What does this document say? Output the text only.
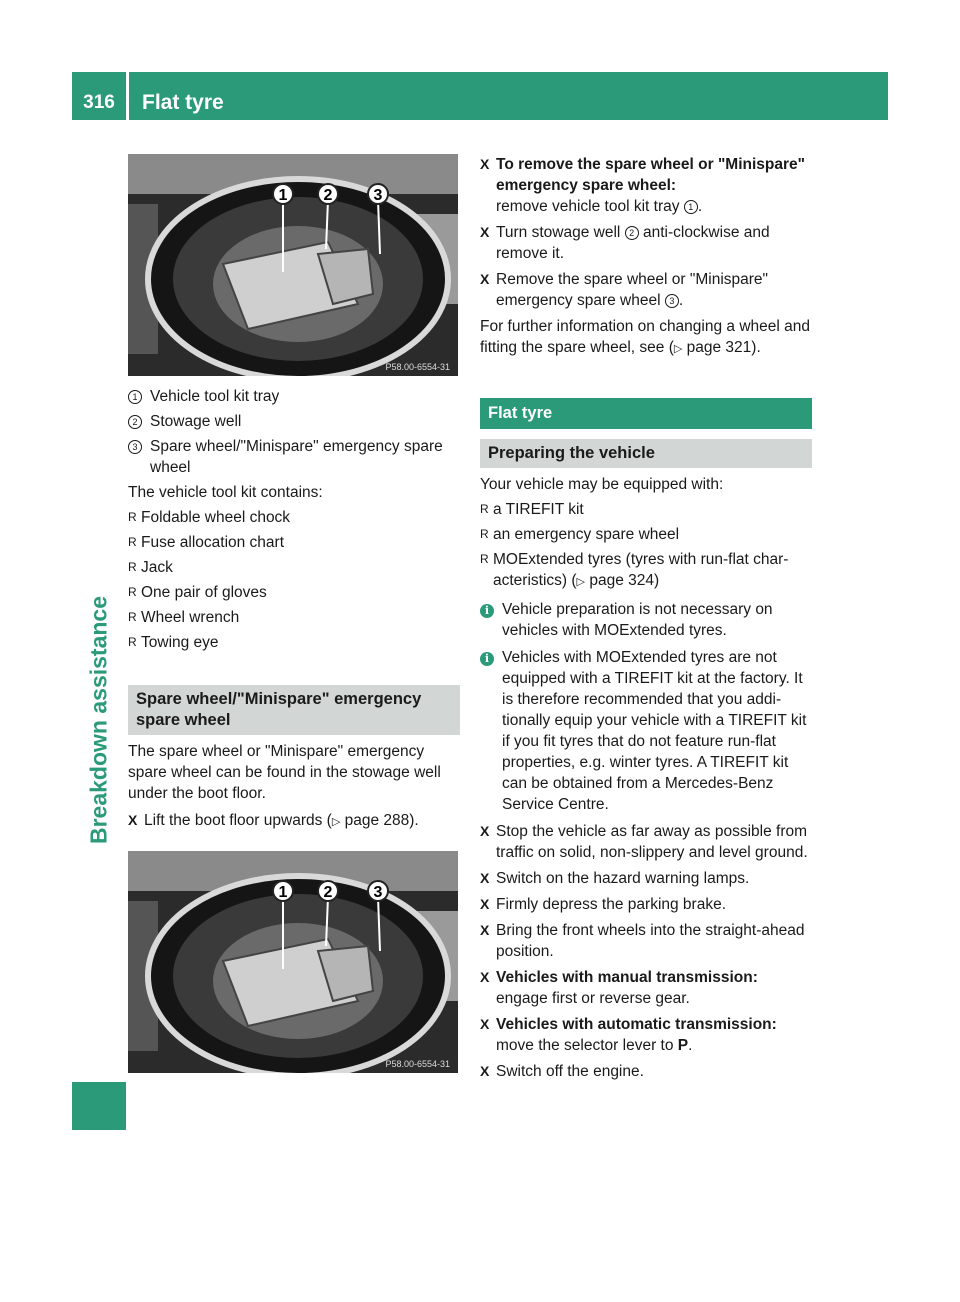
316	Flat tyre
Breakdown assistance
1 2	3
P58.00-6554-31
1 Vehicle tool kit tray
2 Stowage well
3 Spare wheel/"Minispare" emergency spare wheel

The vehicle tool kit contains:

R Foldable wheel chock
R Fuse allocation chart
R Jack
R One pair of gloves
R Wheel wrench
R Towing eye
Spare wheel/"Minispare" emergency spare wheel

The spare wheel or "Minispare" emergency spare wheel can be found in the stowage well under the boot floor.

X Lift the boot floor upwards (▷ page 288).
1 2	3
P58.00-6554-31
X To remove the spare wheel or "Minispare" emergency spare wheel:
remove vehicle tool kit tray 1 .
X Turn stowage well 2 anti-clockwise and remove it.
X Remove the spare wheel or "Minispare" emergency spare wheel 3 .

For further information on changing a wheel and fitting the spare wheel, see (▷ page 321).

Flat tyre
Preparing the vehicle

Your vehicle may be equipped with:

R a TIREFIT kit
R an emergency spare wheel
R MOExtended tyres (tyres with run-flat char-acteristics) (▷ page 324)
i Vehicle preparation is not necessary on vehicles with MOExtended tyres.
i Vehicles with MOExtended tyres are not equipped with a TIREFIT kit at the factory. It is therefore recommended that you addi-tionally equip your vehicle with a TIREFIT kit if you fit tyres that do not feature run-flat properties, e.g. winter tyres. A TIREFIT kit can be obtained from a Mercedes-Benz Service Centre.
X Stop the vehicle as far away as possible from traffic on solid, non-slippery and level ground.
X Switch on the hazard warning lamps.
X Firmly depress the parking brake.
X Bring the front wheels into the straight-ahead position.
X Vehicles with manual transmission:
engage first or reverse gear.
X Vehicles with automatic transmission:
move the selector lever to P.
X Switch off the engine.
